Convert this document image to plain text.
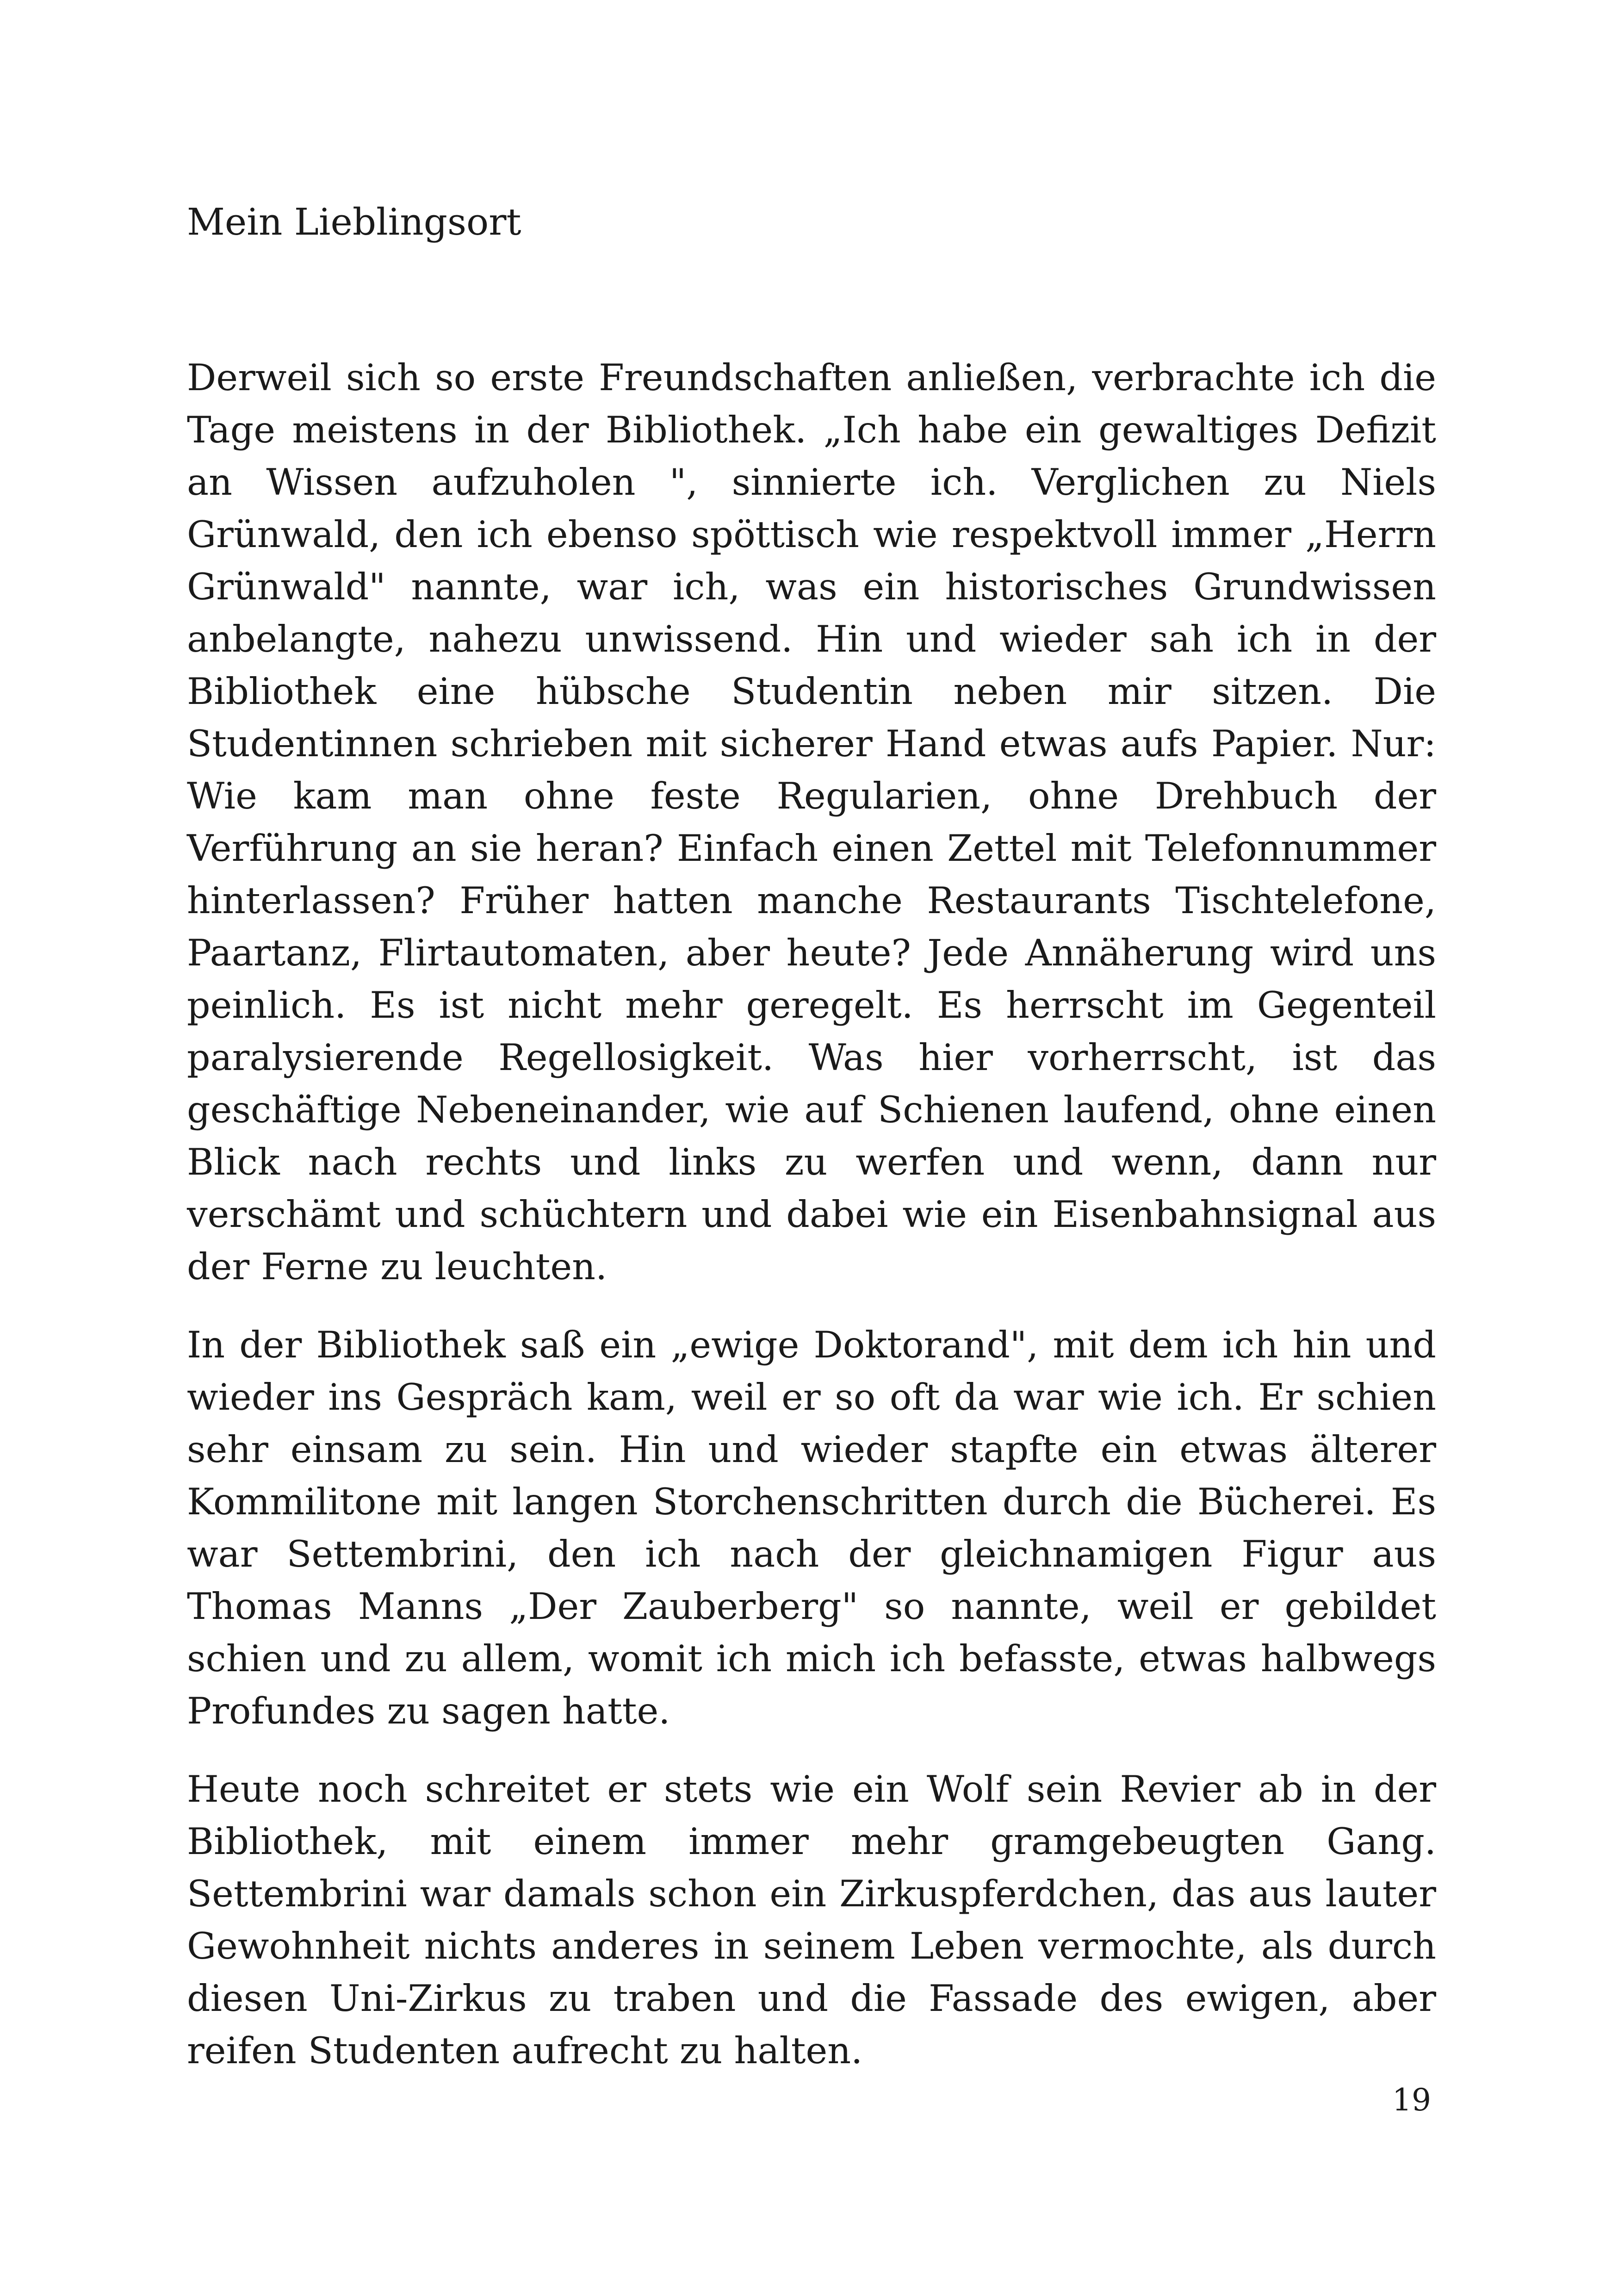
Mein Lieblingsort

Derweil sich so erste Freundschaften anließen, verbrachte ich die Tage meistens in der Bibliothek. „Ich habe ein gewaltiges Defizit an Wissen aufzuholen ", sinnierte ich. Verglichen zu Niels Grünwald, den ich ebenso spöttisch wie respektvoll immer „Herrn Grünwald" nannte, war ich, was ein historisches Grundwissen anbelangte, nahezu unwissend. Hin und wieder sah ich in der Bibliothek eine hübsche Studentin neben mir sitzen. Die Studentinnen schrieben mit sicherer Hand etwas aufs Papier. Nur: Wie kam man ohne feste Regularien, ohne Drehbuch der Verführung an sie heran? Einfach einen Zettel mit Telefonnummer hinterlassen? Früher hatten manche Restaurants Tischtelefone, Paartanz, Flirtautomaten, aber heute? Jede Annäherung wird uns peinlich. Es ist nicht mehr geregelt. Es herrscht im Gegenteil paralysierende Regellosigkeit. Was hier vorherrscht, ist das geschäftige Nebeneinander, wie auf Schienen laufend, ohne einen Blick nach rechts und links zu werfen und wenn, dann nur verschämt und schüchtern und dabei wie ein Eisenbahnsignal aus der Ferne zu leuchten.

In der Bibliothek saß ein „ewige Doktorand", mit dem ich hin und wieder ins Gespräch kam, weil er so oft da war wie ich. Er schien sehr einsam zu sein. Hin und wieder stapfte ein etwas älterer Kommilitone mit langen Storchenschritten durch die Bücherei. Es war Settembrini, den ich nach der gleichnamigen Figur aus Thomas Manns „Der Zauberberg" so nannte, weil er gebildet schien und zu allem, womit ich mich ich befasste, etwas halbwegs Profundes zu sagen hatte.

Heute noch schreitet er stets wie ein Wolf sein Revier ab in der Bibliothek, mit einem immer mehr gramgebeugten Gang. Settembrini war damals schon ein Zirkuspferdchen, das aus lauter Gewohnheit nichts anderes in seinem Leben vermochte, als durch diesen Uni-Zirkus zu traben und die Fassade des ewigen, aber reifen Studenten aufrecht zu halten.

19
